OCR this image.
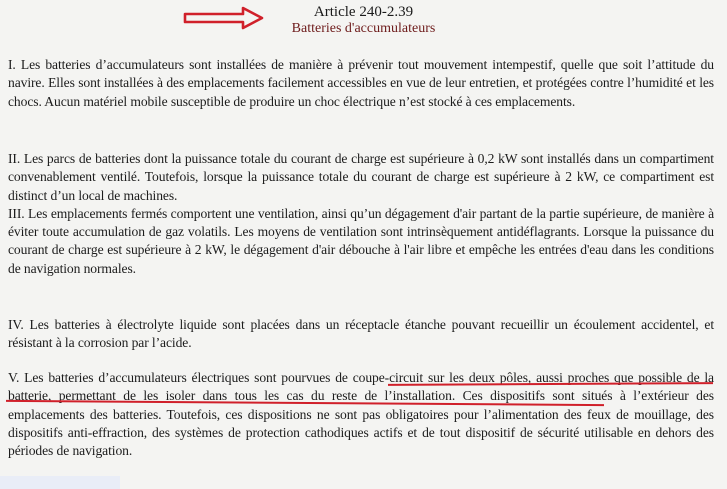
Article 240-2.39
Batteries d'accumulateurs

I. Les batteries d’accumulateurs sont installées de manière à prévenir tout mouvement intempestif, quelle que soit l’attitude du navire. Elles sont installées à des emplacements facilement accessibles en vue de leur entretien, et protégées contre l’humidité et les chocs. Aucun matériel mobile susceptible de produire un choc électrique n’est stocké à ces emplacements.

II. Les parcs de batteries dont la puissance totale du courant de charge est supérieure à 0,2 kW sont installés dans un compartiment convenablement ventilé. Toutefois, lorsque la puissance totale du courant de charge est supérieure à 2 kW, ce compartiment est distinct d’un local de machines.
III. Les emplacements fermés comportent une ventilation, ainsi qu’un dégagement d'air partant de la partie supérieure, de manière à éviter toute accumulation de gaz volatils. Les moyens de ventilation sont intrinsèquement antidéflagrants. Lorsque la puissance du courant de charge est supérieure à 2 kW, le dégagement d'air débouche à l'air libre et empêche les entrées d'eau dans les conditions de navigation normales.

IV. Les batteries à électrolyte liquide sont placées dans un réceptacle étanche pouvant recueillir un écoulement accidentel, et résistant à la corrosion par l’acide.

V. Les batteries d’accumulateurs électriques sont pourvues de coupe-circuit sur les deux pôles, aussi proches que possible de la batterie, permettant de les isoler dans tous les cas du reste de l’installation. Ces dispositifs sont situés à l’extérieur des emplacements des batteries. Toutefois, ces dispositions ne sont pas obligatoires pour l’alimentation des feux de mouillage, des dispositifs anti-effraction, des systèmes de protection cathodiques actifs et de tout dispositif de sécurité utilisable en dehors des périodes de navigation.
